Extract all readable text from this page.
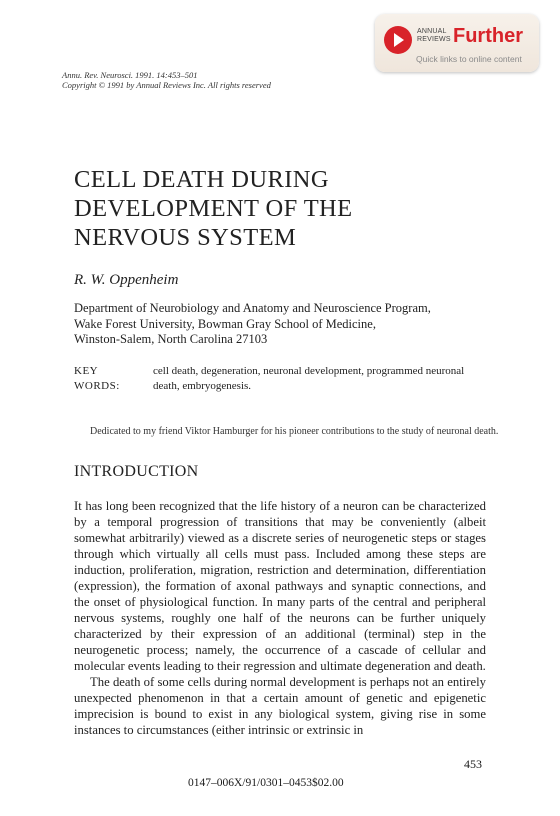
ANNUAL
REVIEWS Further
Quick links to online content
Annu. Rev. Neurosci. 1991. 14:453–501
Copyright © 1991 by Annual Reviews Inc. All rights reserved
CELL DEATH DURING
DEVELOPMENT OF THE
NERVOUS SYSTEM
R. W. Oppenheim
Department of Neurobiology and Anatomy and Neuroscience Program,
Wake Forest University, Bowman Gray School of Medicine,
Winston-Salem, North Carolina 27103
KEY WORDS:
cell death, degeneration, neuronal development, programmed neuronal death, embryogenesis.
Dedicated to my friend Viktor Hamburger for his pioneer contributions to the study of neuronal death.
INTRODUCTION

It has long been recognized that the life history of a neuron can be characterized by a temporal progression of transitions that may be conveniently (albeit somewhat arbitrarily) viewed as a discrete series of neurogenetic steps or stages through which virtually all cells must pass. Included among these steps are induction, proliferation, migration, restriction and determination, differentiation (expression), the formation of axonal pathways and synaptic connections, and the onset of physiological function. In many parts of the central and peripheral nervous systems, roughly one half of the neurons can be further uniquely characterized by their expression of an additional (terminal) step in the neurogenetic process; namely, the occurrence of a cascade of cellular and molecular events leading to their regression and ultimate degeneration and death.

The death of some cells during normal development is perhaps not an entirely unexpected phenomenon in that a certain amount of genetic and epigenetic imprecision is bound to exist in any biological system, giving rise in some instances to circumstances (either intrinsic or extrinsic in

453
0147–006X/91/0301–0453$02.00
